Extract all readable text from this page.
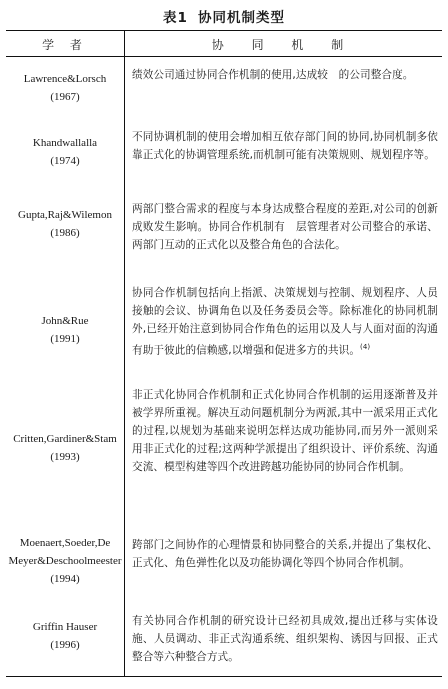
表1 协同机制类型
学 者	协 同 机 制
Lawrence&Lorsch
(1967)
绩效公司通过协同合作机制的使用,达成较　的公司整合度。
Khandwallalla
(1974)
不同协调机制的使用会增加相互依存部门间的协同,协同机制多依靠正式化的协调管理系统,而机制可能有决策规则、规划程序等。
Gupta,Raj&Wilemon
(1986)
两部门整合需求的程度与本身达成整合程度的差距,对公司的创新成败发生影响。协同合作机制有　层管理者对公司整合的承诺、两部门互动的正式化以及整合角色的合法化。
John&Rue
(1991)
协同合作机制包括向上指派、决策规划与控制、规划程序、人员接触的会议、协调角色以及任务委员会等。除标准化的协同机制外,已经开始注意到协同合作角色的运用以及人与人面对面的沟通有助于彼此的信赖感,以增强和促进多方的共识。$^{(4)}$
Critten,Gardiner&Stam
(1993)
非正式化协同合作机制和正式化协同合作机制的运用逐渐普及并被学界所重视。解决互动问题机制分为两派,其中一派采用正式化的过程,以规划为基础来说明怎样达成功能协同,而另外一派则采用非正式化的过程;这两种学派提出了组织设计、评价系统、沟通交流、模型构建等四个改进跨越功能协同的协同合作机制。
Moenaert,Soeder,De
Meyer&Deschoolmeester
(1994)
跨部门之间协作的心理情景和协同整合的关系,并提出了集权化、正式化、角色弹性化以及功能协调化等四个协同合作机制。
Griffin Hauser
(1996)
有关协同合作机制的研究设计已经初具成效,提出迁移与实体设施、人员调动、非正式沟通系统、组织架构、诱因与回报、正式整合等六种整合方式。
